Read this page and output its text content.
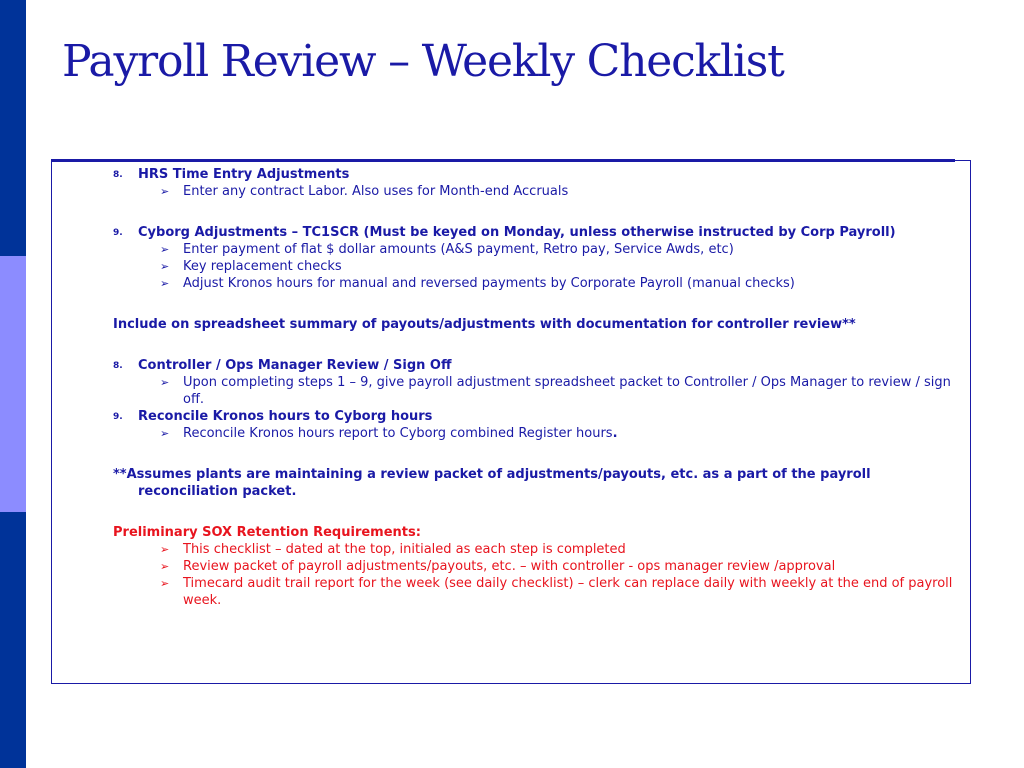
Payroll Review – Weekly Checklist
8. HRS Time Entry Adjustments
➢ Enter any contract Labor. Also uses for Month-end Accruals
9. Cyborg Adjustments – TC1SCR (Must be keyed on Monday, unless otherwise instructed by Corp Payroll)
➢ Enter payment of flat $ dollar amounts (A&S payment, Retro pay, Service Awds, etc)
➢ Key replacement checks
➢ Adjust Kronos hours for manual and reversed payments by Corporate Payroll (manual checks)
Include on spreadsheet summary of payouts/adjustments with documentation for controller review**
8. Controller / Ops Manager Review / Sign Off
➢ Upon completing steps 1 – 9, give payroll adjustment spreadsheet packet to Controller / Ops Manager to review / sign off.
9. Reconcile Kronos hours to Cyborg hours
➢ Reconcile Kronos hours report to Cyborg combined Register hours.
**Assumes plants are maintaining a review packet of adjustments/payouts, etc. as a part of the payroll reconciliation packet.
Preliminary SOX Retention Requirements:
➢ This checklist – dated at the top, initialed as each step is completed
➢ Review packet of payroll adjustments/payouts, etc. – with controller - ops manager review /approval
➢ Timecard audit trail report for the week (see daily checklist) – clerk can replace daily with weekly at the end of payroll week.
